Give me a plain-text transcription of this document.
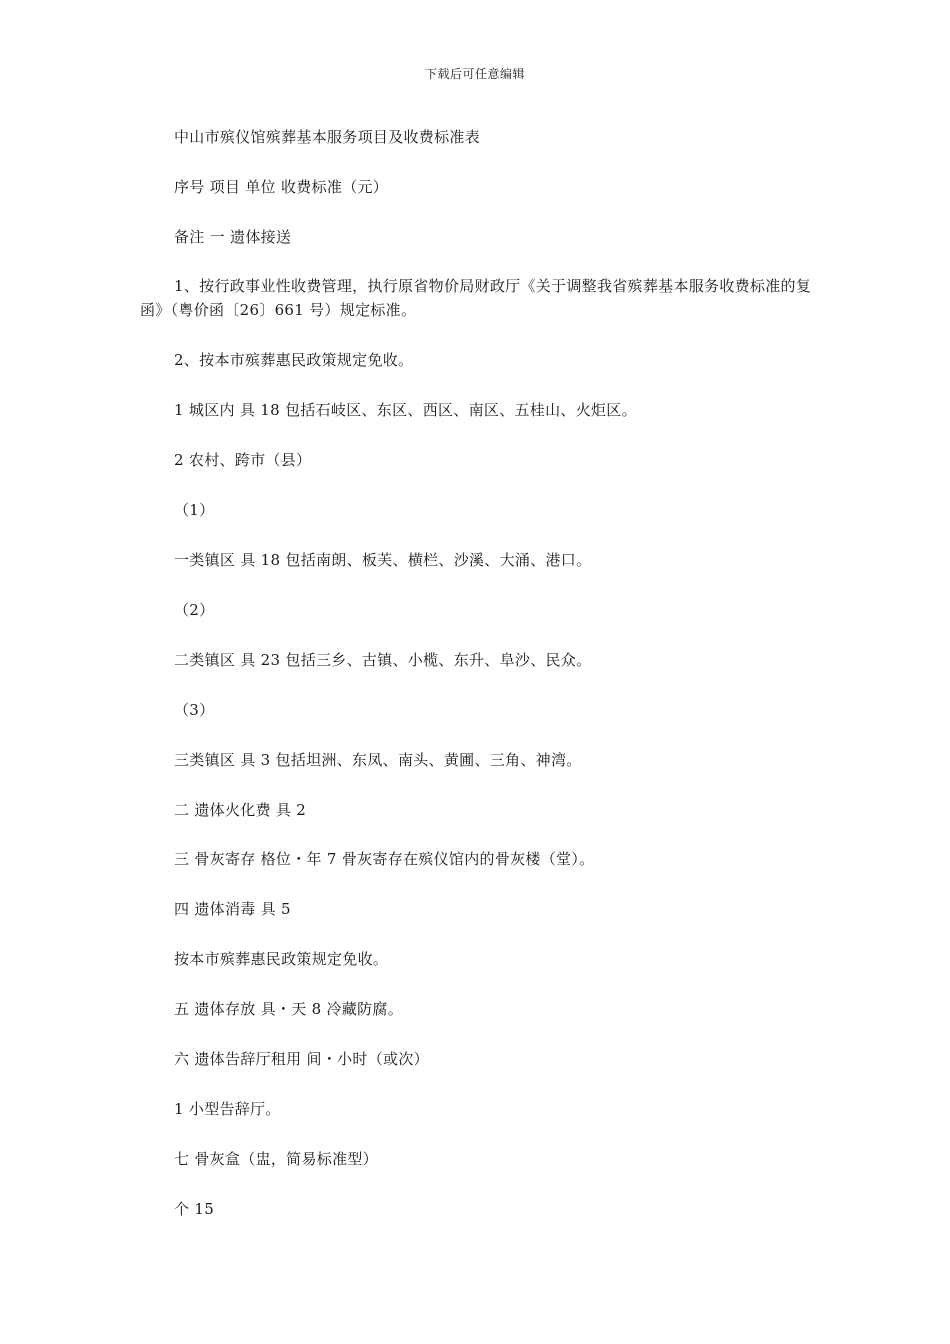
下载后可任意编辑
中山市殡仪馆殡葬基本服务项目及收费标准表
序号 项目 单位 收费标准（元）
备注 一 遗体接送
1、按行政事业性收费管理，执行原省物价局财政厅《关于调整我省殡葬基本服务收费标准的复函》（粤价函〔26〕661 号）规定标准。
2、按本市殡葬惠民政策规定免收。
1 城区内 具 18 包括石岐区、东区、西区、南区、五桂山、火炬区。
2 农村、跨市（县）
（1）
一类镇区 具 18 包括南朗、板芙、横栏、沙溪、大涌、港口。
（2）
二类镇区 具 23 包括三乡、古镇、小榄、东升、阜沙、民众。
（3）
三类镇区 具 3 包括坦洲、东凤、南头、黄圃、三角、神湾。
二 遗体火化费 具 2
三 骨灰寄存 格位・年 7 骨灰寄存在殡仪馆内的骨灰楼（堂）。
四 遗体消毒 具 5
按本市殡葬惠民政策规定免收。
五 遗体存放 具・天 8 冷藏防腐。
六 遗体告辞厅租用 间・小时（或次）
1 小型告辞厅。
七 骨灰盒（盅，简易标准型）
个 15
